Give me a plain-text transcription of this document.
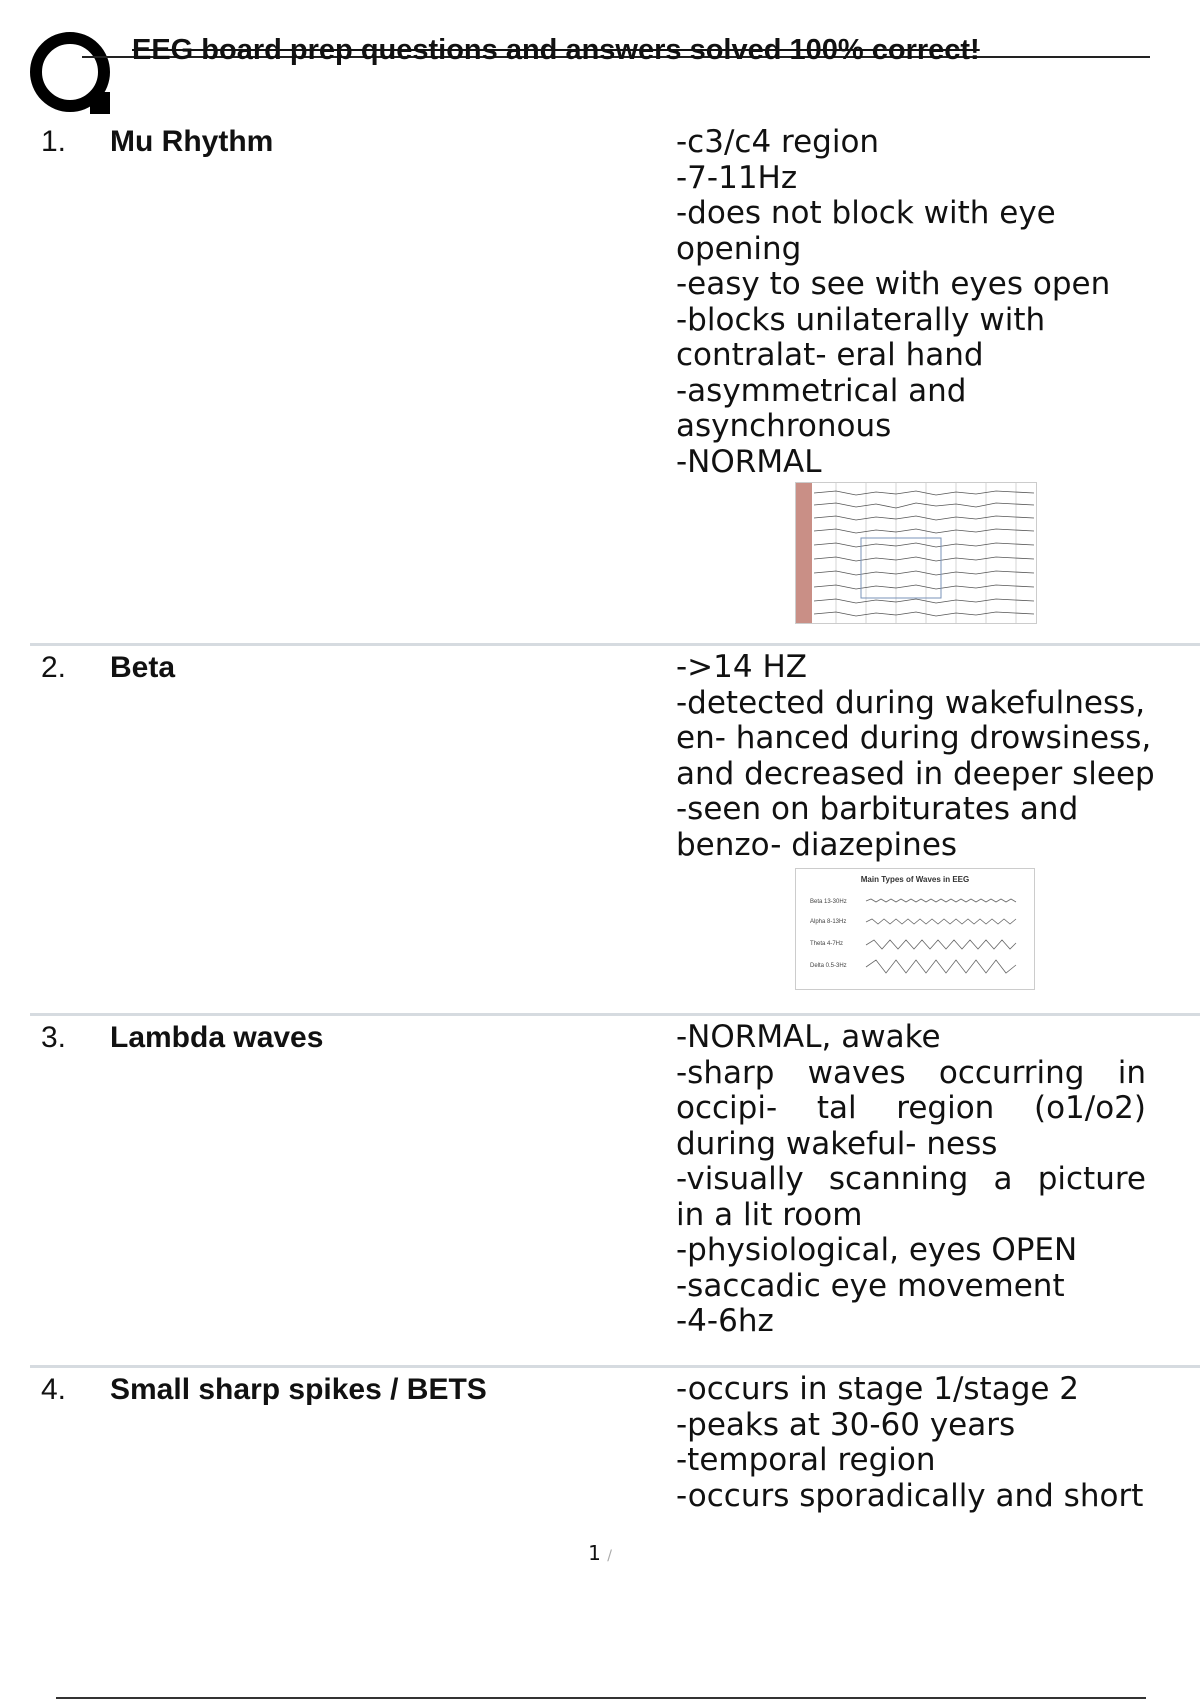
EEG board prep questions and answers solved 100% correct!
1. Mu Rhythm	-c3/c4 region
-7-11Hz
-does not block with eye
opening
-easy to see with eyes open
-blocks unilaterally with
contralat- eral hand
-asymmetrical and
asynchronous
-NORMAL
2. Beta	->14 HZ
-detected during wakefulness,
en- hanced during drowsiness,
and decreased in deeper sleep
-seen on barbiturates and
benzo- diazepines
Main Types of Waves in EEG
Beta 13-30Hz
Alpha 8-13Hz
Theta 4-7Hz
Delta 0.5-3Hz
3. Lambda waves	-NORMAL, awake
-sharp waves occurring in
occipi- tal region (o1/o2)
during wakeful- ness
-visually scanning a picture
in a lit room
-physiological, eyes OPEN
-saccadic eye movement
-4-6hz
4. Small sharp spikes / BETS	-occurs in stage 1/stage 2
-peaks at 30-60 years
-temporal region
-occurs sporadically and short
1 /
